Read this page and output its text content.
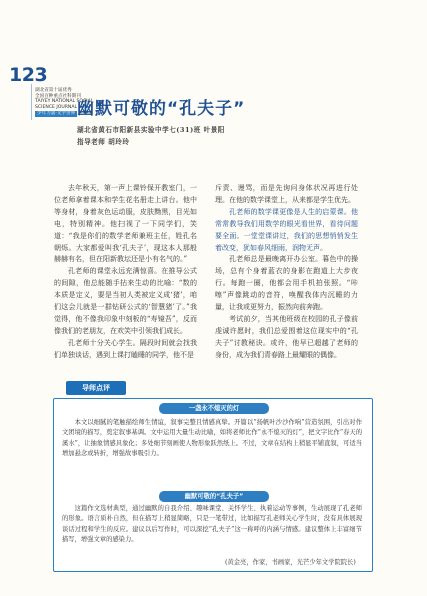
123
湖北省第十届优秀
全国百种重点社科期刊
TAIYEY NATIONAL SOCIAL
SCIENCE JOURNAL
少年力量·文学世界 幽默可敬的“孔夫子”
湖北省黄石市阳新县实验中学七(31)班 叶景阳
指导老师 胡玲玲

去年秋天，第一声上课铃保开教室门，一位老师拿着课本和学生花名册走上讲台。他中等身材，身着灰色运动服，皮肤黝黑，目光如电，特别精神。他扫视了一下同学们，笑道：“我是你们的数学老师兼班主任，姓孔名朝烁。大家都爱叫我‘孔夫子’，现这本人那般赫赫有名，但在阳新教坛还是小有名气的。”

孔老师的课堂永远充满惊喜。在推导公式的间隙，他总能随手拈来生动的比喻：“数的本质是定义，要是当初人类被定义成‘猪’，咱们这会儿就是一群钻研公式的‘智慧猪’了。”我觉得，他不像我印象中刻板的“寿镜吾”，反而像我们的老朋友，在欢笑中引领我们成长。

孔老师十分关心学生。隔段时间就会找我们单独谈话，遇到上课打瞌睡的同学，他不是

斥责、谩骂，而是先询问身体状况再进行处理。在他的数学课堂上，从来都是学生优先。

孔老师的数学课更像是人生的启蒙课。他常常教导我们用数学的眼光看世界，看待问题要全面。一堂堂课讲过，我们的思想悄悄发生着改变，犹如春风细雨，润物无声。

孔老师总是最晚离开办公室。暮色中的操场，总有个身着蓝衣的身影在跑道上大步夜行。每跑一圈，他都会用手机拍张照。“咔嚓”声像跳动的音符，唤醒我体内沉睡的力量，让我或更努力，振然向前奔跑。

考试前夕，当其他班级在校园的孔子像前虔诚许愿时，我们总爱围着这位现实中的“孔夫子”讨教秘诀。或许，他早已超越了老师的身份，成为我们青春路上最耀眼的偶像。

导师点评
一盏永不熄灭的灯

本文以细腻的笔触描绘师生情谊，叙事完整且情感真挚。开篇以“扬帆叶沙沙作响”营造氛围，引出对作文团境的描写，奠定叙事基调。文中运用大量生动比喻，如将老师比作“永不熄灭的灯”，把文字比作“春天的溪水”，让抽象情感具象化；多处细节刻画使人物形象跃然纸上。不过，文章在结构上稍显平铺直叙，可适当增加悬念或转折，增强故事吸引力。

幽默可敬的“孔夫子”

这篇作文选材典型，通过幽默的自我介绍、趣味课堂、关怀学生、执着运动等事例，生动展现了孔老师的形象。语言质朴自然，但在描写上稍显简略，只是一笔带过，比如描写孔老师关心学生时，没有具体展现谈话过程和学生的反应。建议以后写作时，可以深挖“孔夫子”这一称呼的内涵与情感。建议整体上丰富细节描写，增强文章的感染力。

(黄金亮，作家，书画家，光芒少年文学院院长)
